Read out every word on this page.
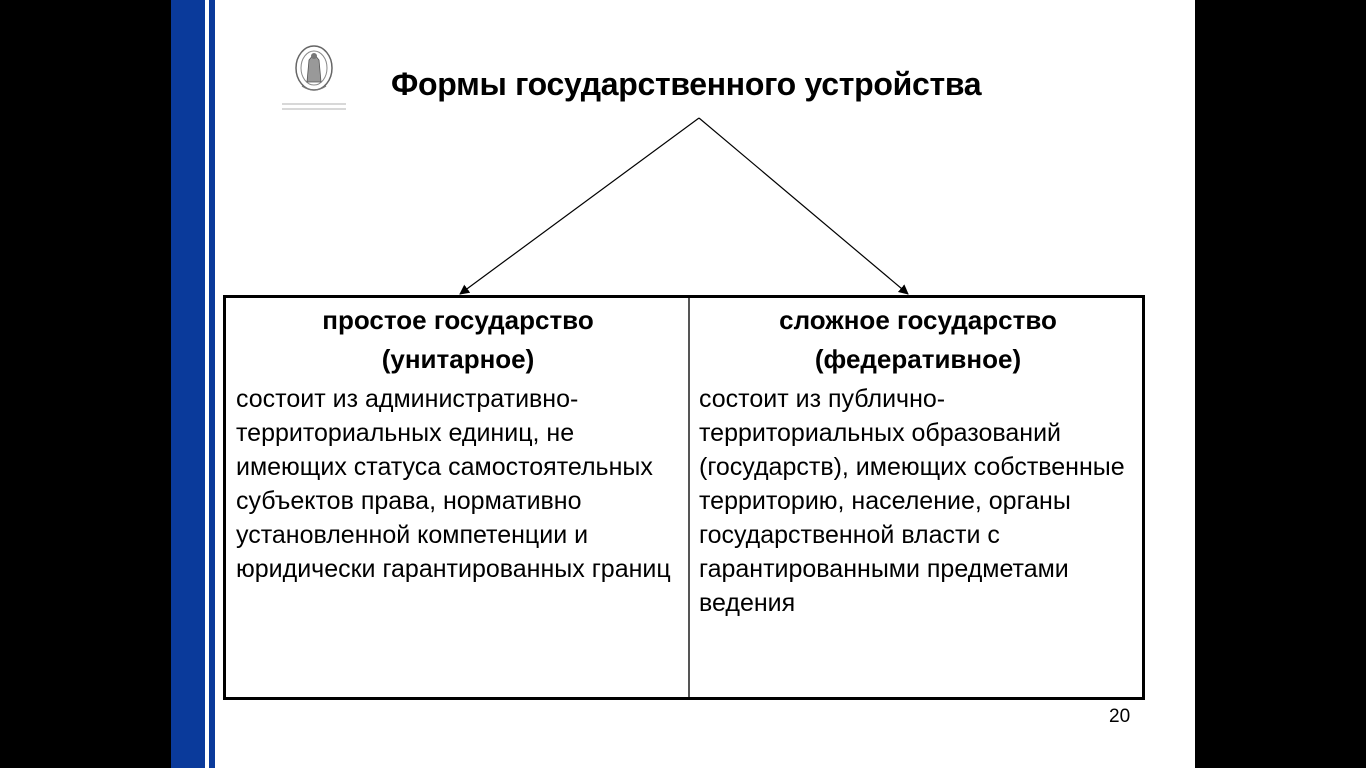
Формы государственного устройства
простое государство
(унитарное)
состоит из административно-территориальных единиц, не имеющих статуса самостоятельных субъектов права, нормативно установленной компетенции и юридически гарантированных границ
сложное государство
(федеративное)
состоит из публично-территориальных образований (государств), имеющих собственные территорию, население, органы государственной власти с гарантированными предметами ведения
20
